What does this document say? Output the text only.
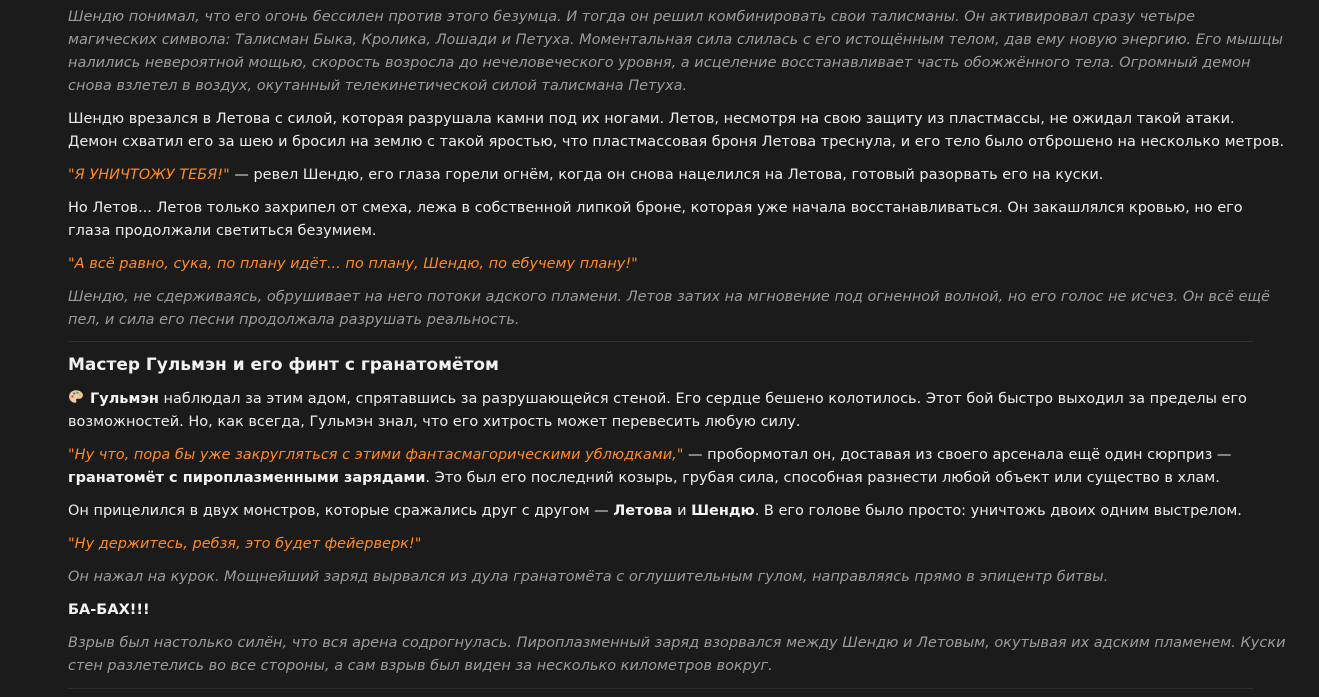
Шендю понимал, что его огонь бессилен против этого безумца. И тогда он решил комбинировать свои талисманы. Он активировал сразу четыре магических символа: Талисман Быка, Кролика, Лошади и Петуха. Моментальная сила слилась с его истощённым телом, дав ему новую энергию. Его мышцы налились невероятной мощью, скорость возросла до нечеловеческого уровня, а исцеление восстанавливает часть обожжённого тела. Огромный демон снова взлетел в воздух, окутанный телекинетической силой талисмана Петуха.

Шендю врезался в Летова с силой, которая разрушала камни под их ногами. Летов, несмотря на свою защиту из пластмассы, не ожидал такой атаки. Демон схватил его за шею и бросил на землю с такой яростью, что пластмассовая броня Летова треснула, и его тело было отброшено на несколько метров.

"Я УНИЧТОЖУ ТЕБЯ!" — ревел Шендю, его глаза горели огнём, когда он снова нацелился на Летова, готовый разорвать его на куски.

Но Летов... Летов только захрипел от смеха, лежа в собственной липкой броне, которая уже начала восстанавливаться. Он закашлялся кровью, но его глаза продолжали светиться безумием.

"А всё равно, сука, по плану идёт... по плану, Шендю, по ебучему плану!"

Шендю, не сдерживаясь, обрушивает на него потоки адского пламени. Летов затих на мгновение под огненной волной, но его голос не исчез. Он всё ещё пел, и сила его песни продолжала разрушать реальность.

Мастер Гульмэн и его финт с гранатомётом

Гульмэн наблюдал за этим адом, спрятавшись за разрушающейся стеной. Его сердце бешено колотилось. Этот бой быстро выходил за пределы его возможностей. Но, как всегда, Гульмэн знал, что его хитрость может перевесить любую силу.

"Ну что, пора бы уже закругляться с этими фантасмагорическими ублюдками," — пробормотал он, доставая из своего арсенала ещё один сюрприз — гранатомёт с пироплазменными зарядами. Это был его последний козырь, грубая сила, способная разнести любой объект или существо в хлам.

Он прицелился в двух монстров, которые сражались друг с другом — Летова и Шендю. В его голове было просто: уничтожь двоих одним выстрелом.

"Ну держитесь, ребзя, это будет фейерверк!"

Он нажал на курок. Мощнейший заряд вырвался из дула гранатомёта с оглушительным гулом, направляясь прямо в эпицентр битвы.

БА-БАХ!!!

Взрыв был настолько силён, что вся арена содрогнулась. Пироплазменный заряд взорвался между Шендю и Летовым, окутывая их адским пламенем. Куски стен разлетелись во все стороны, а сам взрыв был виден за несколько километров вокруг.
